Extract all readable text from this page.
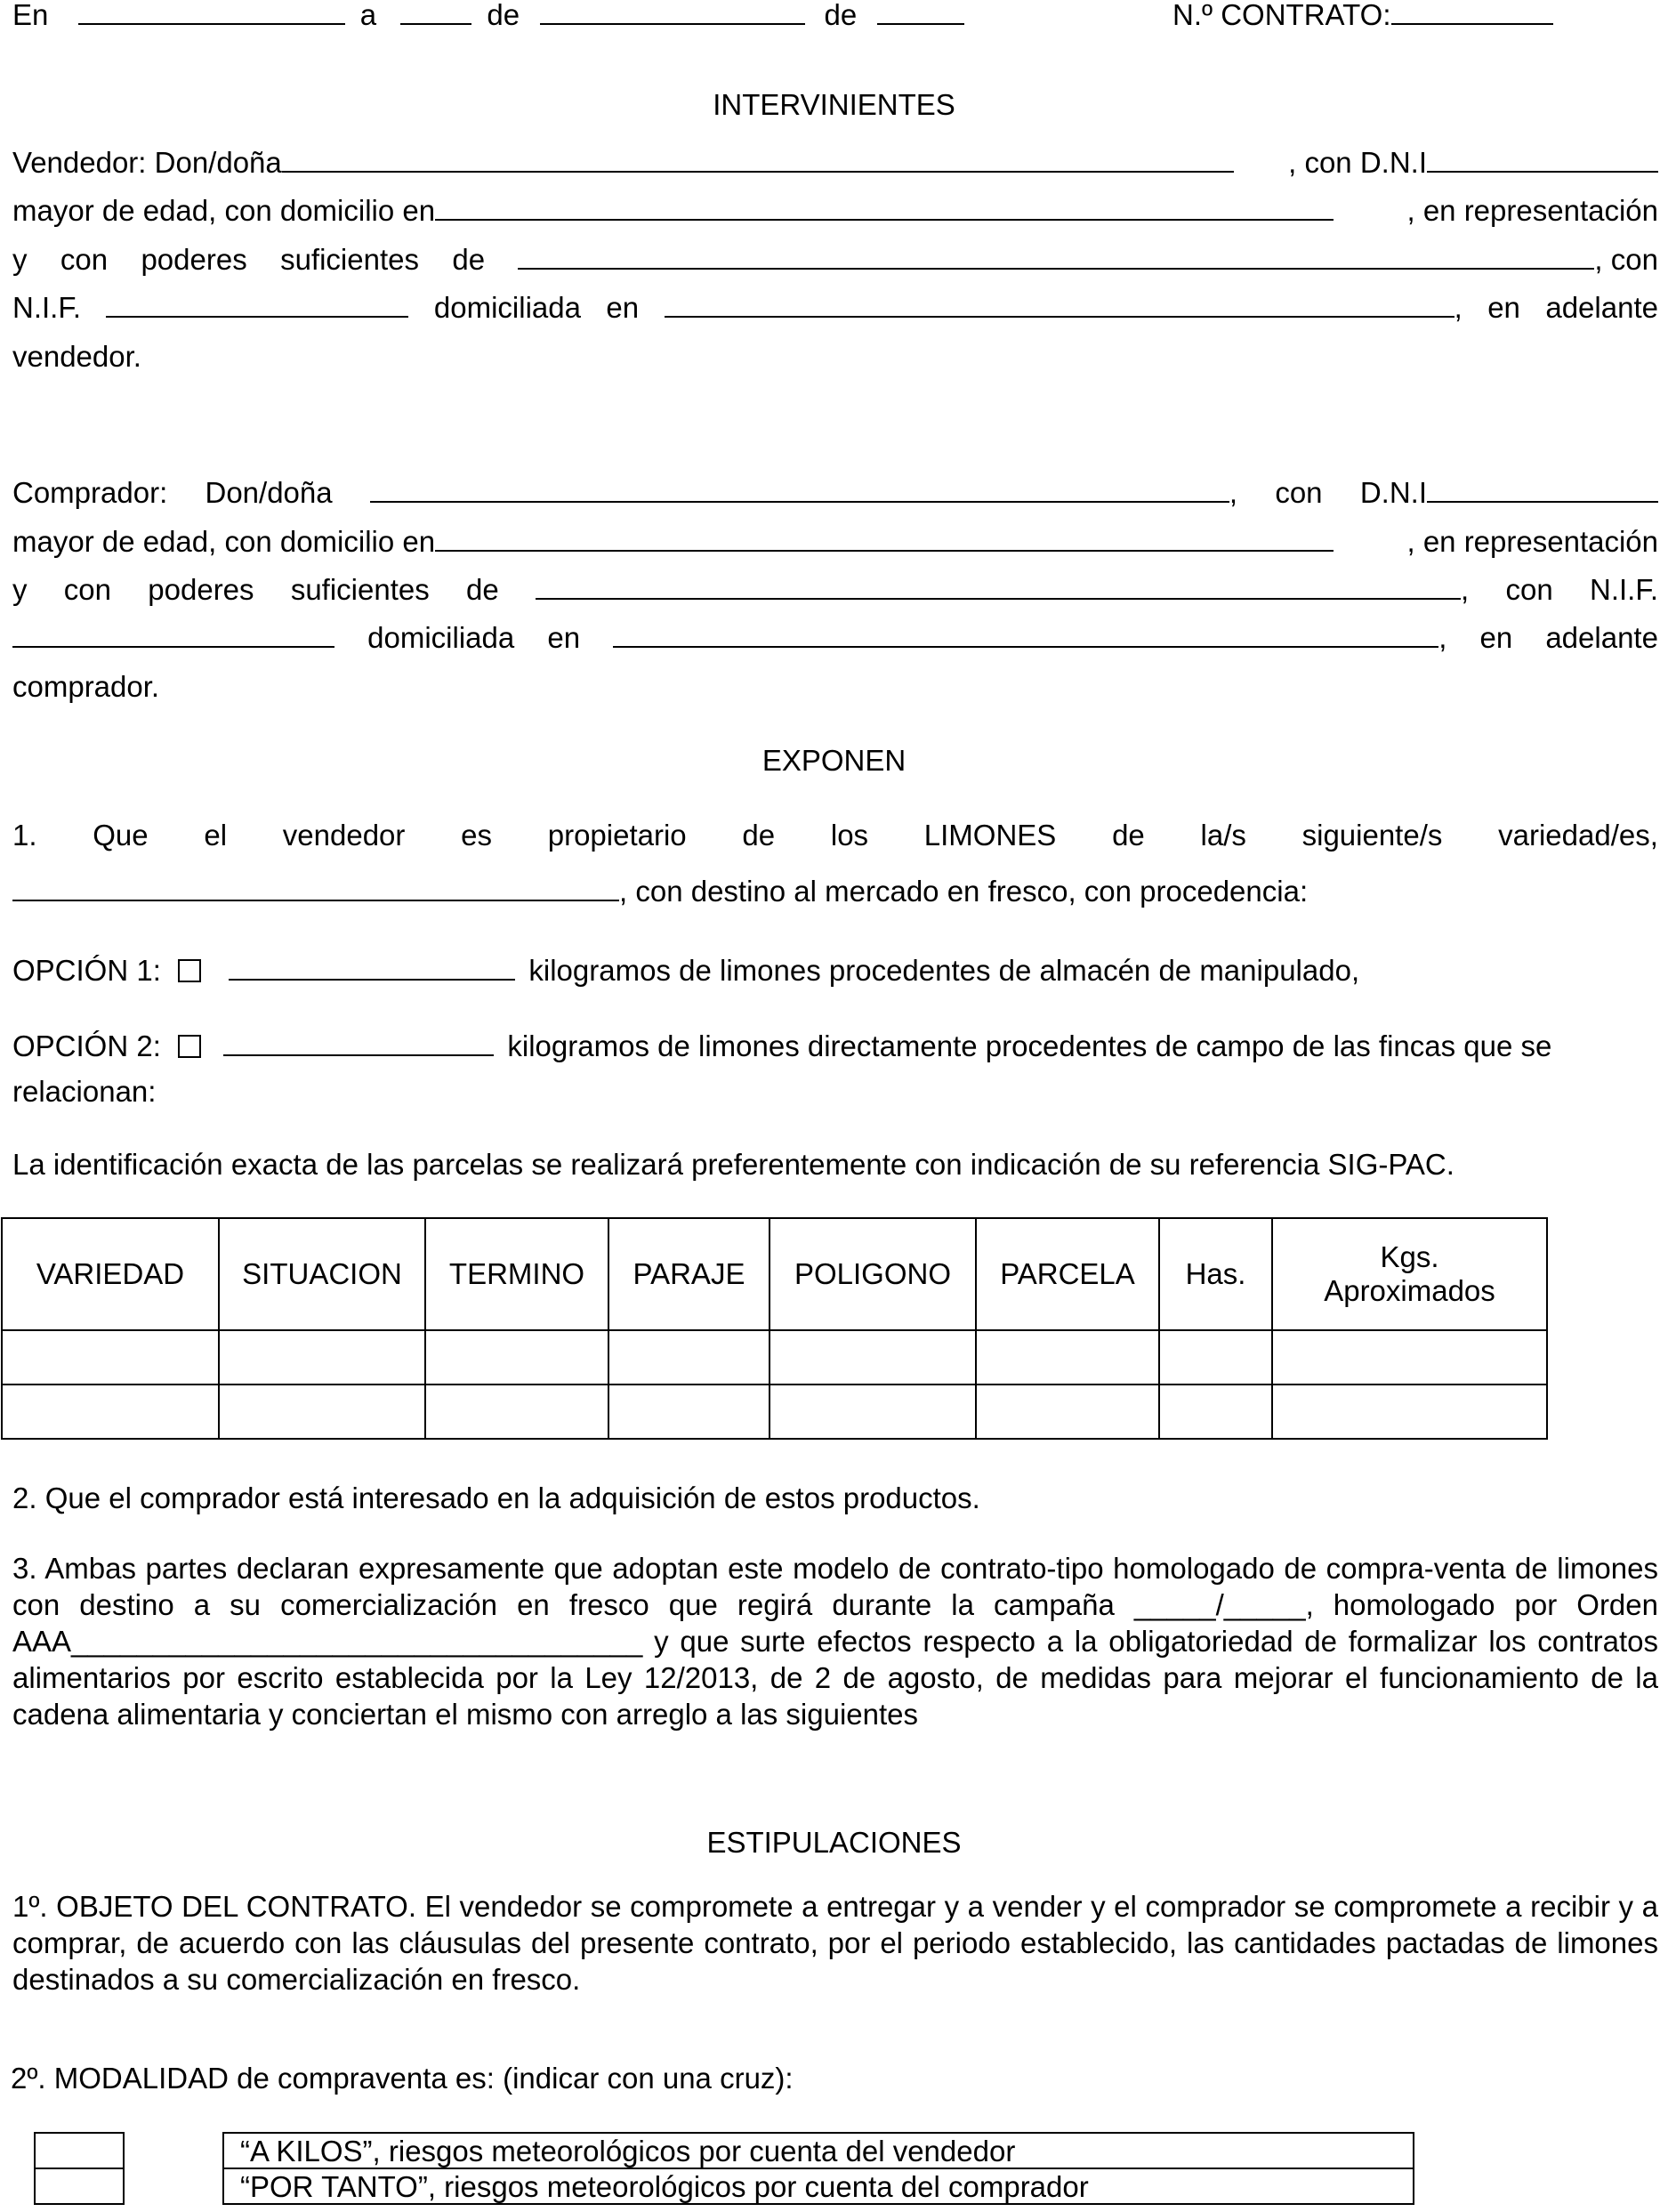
En	a	de	de	N.º CONTRATO:
INTERVINIENTES
Vendedor: Don/doña	, con D.N.I
mayor de edad, con domicilio en	, en representación
y con poderes suficientes de	, con
N.I.F.	domiciliada en	, en adelante
vendedor.
Comprador: Don/doña	, con D.N.I
mayor de edad, con domicilio en	, en representación
y con poderes suficientes de	, con N.I.F.
domiciliada en	, en adelante
comprador.
EXPONEN
1. Que el vendedor es propietario de los LIMONES de la/s siguiente/s variedad/es,
, con destino al mercado en fresco, con procedencia:
OPCIÓN 1:	kilogramos de limones procedentes de almacén de manipulado,
OPCIÓN 2:	kilogramos de limones directamente procedentes de campo de las fincas que se
relacionan:
La identificación exacta de las parcelas se realizará preferentemente con indicación de su referencia SIG-PAC.
VARIEDAD	SITUACION	TERMINO	PARAJE	POLIGONO	PARCELA	Has.	Kgs.
Aproximados

2. Que el comprador está interesado en la adquisición de estos productos.
3. Ambas partes declaran expresamente que adoptan este modelo de contrato-tipo homologado de compra-venta de limones con destino a su comercialización en fresco que regirá durante la campaña _____/_____, homologado por Orden AAA___________________________________ y que surte efectos respecto a la obligatoriedad de formalizar los contratos alimentarios por escrito establecida por la Ley 12/2013, de 2 de agosto, de medidas para mejorar el funcionamiento de la cadena alimentaria y conciertan el mismo con arreglo a las siguientes
ESTIPULACIONES
1º. OBJETO DEL CONTRATO. El vendedor se compromete a entregar y a vender y el comprador se compromete a recibir y a comprar, de acuerdo con las cláusulas del presente contrato, por el periodo establecido, las cantidades pactadas de limones destinados a su comercialización en fresco.
2º. MODALIDAD de compraventa es: (indicar con una cruz):
		“A KILOS”, riesgos meteorológicos por cuenta del vendedor
		“POR TANTO”, riesgos meteorológicos por cuenta del comprador
